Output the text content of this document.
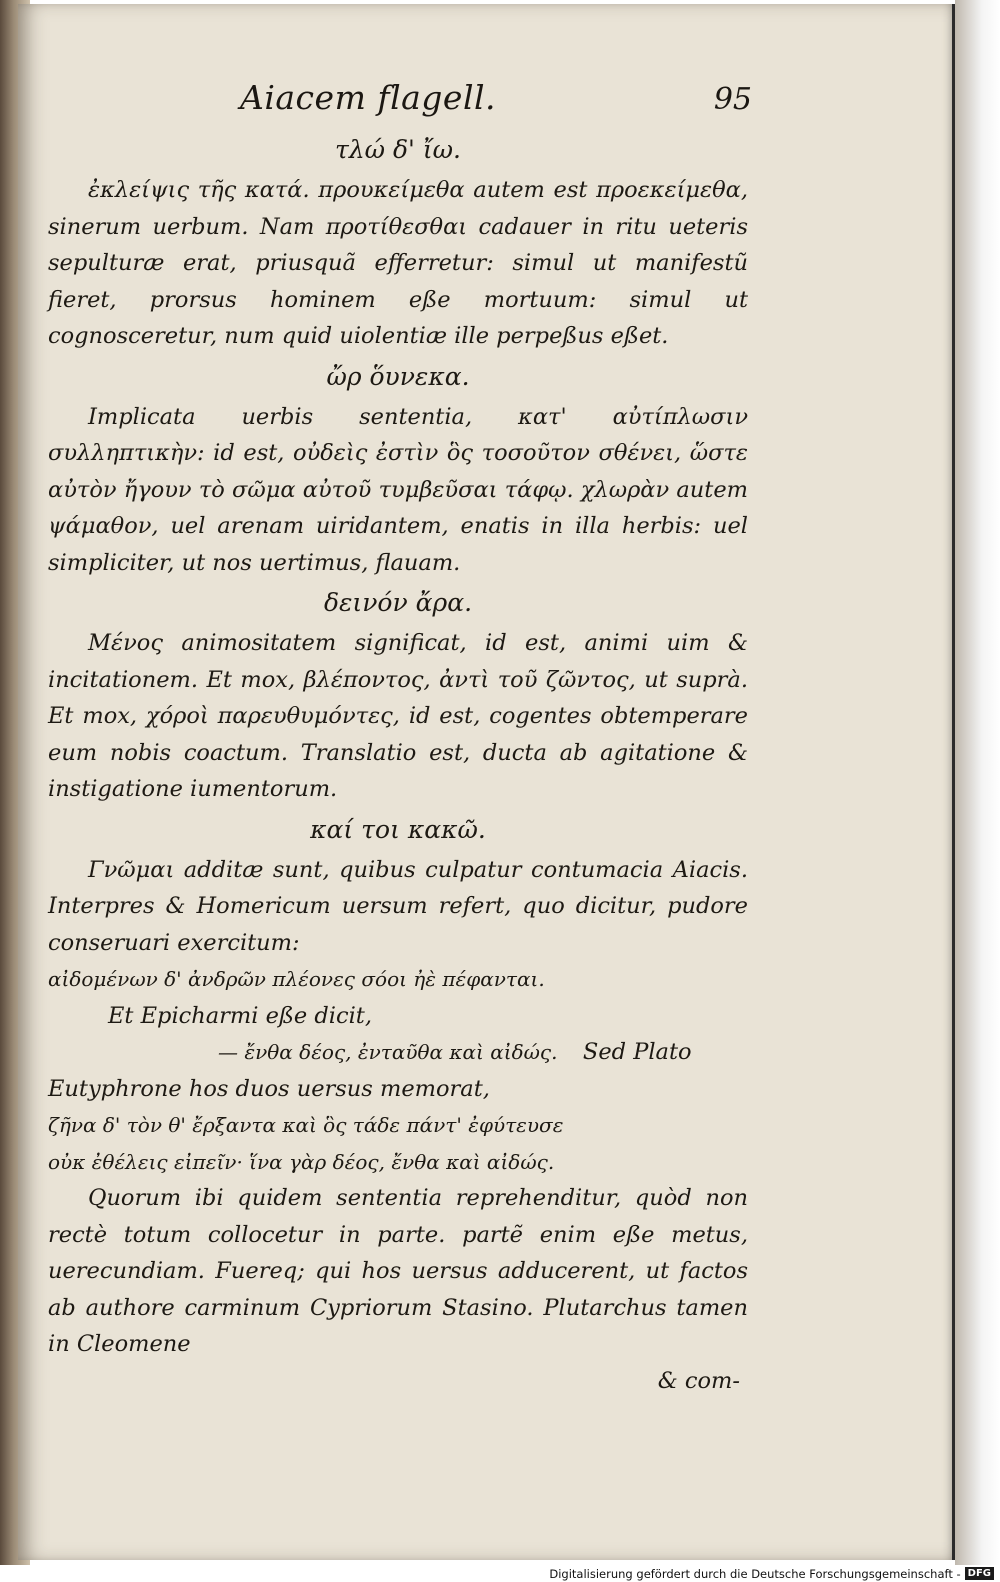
Aiacem flagell.	95

τλώ δ' ἴω.

ἐκλείψις τῆς κατά. προυκείμεθα autem est προεκείμεθα, sinerum uerbum. Nam προτίθεσθαι cadauer in ritu ueteris sepulturæ erat, priusquã efferretur: simul ut manifestũ fieret, prorsus hominem eße mortuum: simul ut cognosceretur, num quid uiolentiæ ille perpeßus eßet.

ὤρ ὅυνεκα.

Implicata uerbis sententia, κατ' αὐτίπλωσιν συλληπτικὴν: id est, οὐδεὶς ἐστὶν ὃς τοσοῦτον σθένει, ὥστε αὐτὸν ἤγουν τὸ σῶμα αὐτοῦ τυμβεῦσαι τάφῳ. χλωρὰν autem ψάμαθον, uel arenam uiridantem, enatis in illa herbis: uel simpliciter, ut nos uertimus, flauam.

δεινόν ἄρα.

Μένος animositatem significat, id est, animi uim & incitationem. Et mox, βλέποντος, ἀντὶ τοῦ ζῶντος, ut suprà. Et mox, χόροὶ παρευθυμόντες, id est, cogentes obtemperare eum nobis coactum. Translatio est, ducta ab agitatione & instigatione iumentorum.

καί τοι κακῶ.

Γνῶμαι additæ sunt, quibus culpatur contumacia Aiacis. Interpres & Homericum uersum refert, quo dicitur, pudore conseruari exercitum:

αἰδομένων δ' ἀνδρῶν πλέονες σόοι ἠὲ πέφανται.

Et Epicharmi eße dicit,

— ἔνθα δέος, ἐνταῦθα καὶ αἰδώς. Sed Plato

Eutyphrone hos duos uersus memorat,

ζῆνα δ' τὸν θ' ἔρξαντα καὶ ὃς τάδε πάντ' ἐφύτευσε

οὐκ ἐθέλεις εἰπεῖν· ἵνα γὰρ δέος, ἔνθα καὶ αἰδώς.

Quorum ibi quidem sententia reprehenditur, quòd non rectè totum collocetur in parte. partẽ enim eße metus, uerecundiam. Fuereq; qui hos uersus adducerent, ut factos ab authore carminum Cypriorum Stasino. Plutarchus tamen in Cleomene

& com-

Digitalisierung gefördert durch die Deutsche Forschungsgemeinschaft - DFG
